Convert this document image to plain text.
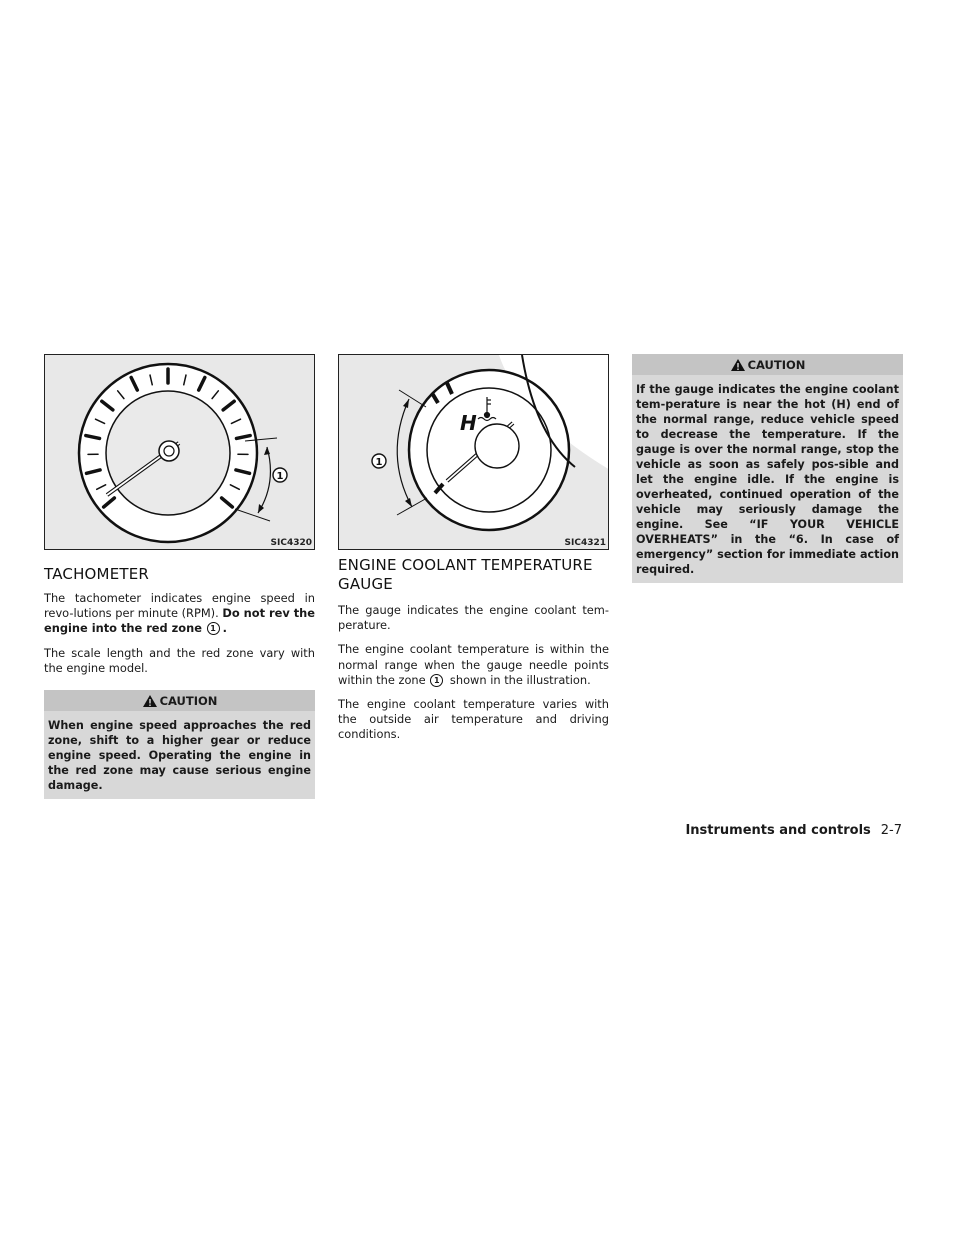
1
SIC4320
H
1
SIC4321
TACHOMETER

The tachometer indicates engine speed in revo-lutions per minute (RPM). Do not rev the engine into the red zone 1 .

The scale length and the red zone vary with the engine model.

CAUTION
When engine speed approaches the red zone, shift to a higher gear or reduce engine speed. Operating the engine in the red zone may cause serious engine damage.
ENGINE COOLANT TEMPERATURE GAUGE

The gauge indicates the engine coolant tem-perature.

The engine coolant temperature is within the normal range when the gauge needle points within the zone 1 shown in the illustration.

The engine coolant temperature varies with the outside air temperature and driving conditions.

CAUTION
If the gauge indicates the engine coolant tem-perature is near the hot (H) end of the normal range, reduce vehicle speed to decrease the temperature. If the gauge is over the normal range, stop the vehicle as soon as safely pos-sible and let the engine idle. If the engine is overheated, continued operation of the vehicle may seriously damage the engine. See “IF YOUR VEHICLE OVERHEATS” in the “6. In case of emergency” section for immediate action required.
Instruments and controls 2-7
